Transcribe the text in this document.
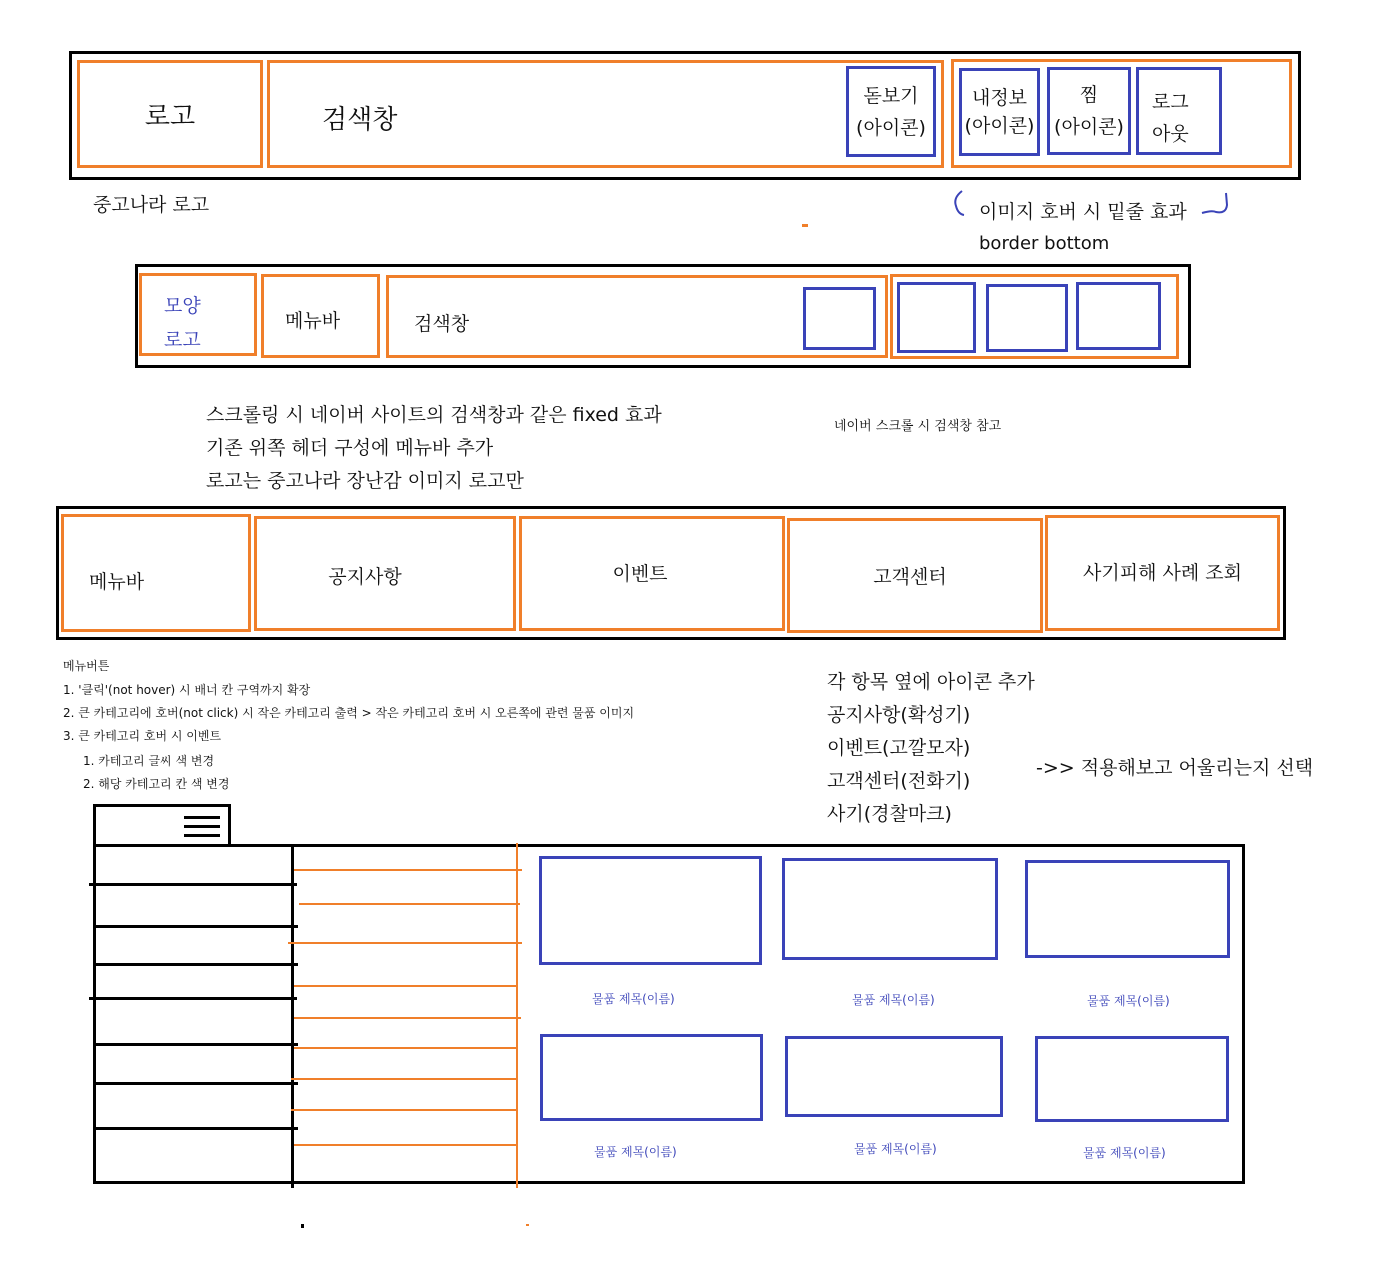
로고	검색창
돋보기
(아이콘)
내정보
(아이콘)
찜
(아이콘)
로그
아웃
중고나라 로고	이미지 호버 시 밑줄 효과
border bottom
모양
로고
메뉴바	검색창
스크롤링 시 네이버 사이트의 검색창과 같은 fixed 효과
기존 위쪽 헤더 구성에 메뉴바 추가
로고는 중고나라 장난감 이미지 로고만
네이버 스크롤 시 검색창 참고
메뉴바	공지사항	이벤트	고객센터	사기피해 사례 조회
메뉴버튼
1. '클릭'(not hover) 시 배너 칸 구역까지 확장
2. 큰 카테고리에 호버(not click) 시 작은 카테고리 출력 > 작은 카테고리 호버 시 오른쪽에 관련 물품 이미지
3. 큰 카테고리 호버 시 이벤트
1. 카테고리 글씨 색 변경
2. 해당 카테고리 칸 색 변경
각 항목 옆에 아이콘 추가
공지사항(확성기)
이벤트(고깔모자)
고객센터(전화기)
사기(경찰마크)
->> 적용해보고 어울리는지 선택
물품 제목(이름)	물품 제목(이름)	물품 제목(이름)
물품 제목(이름)	물품 제목(이름)	물품 제목(이름)
